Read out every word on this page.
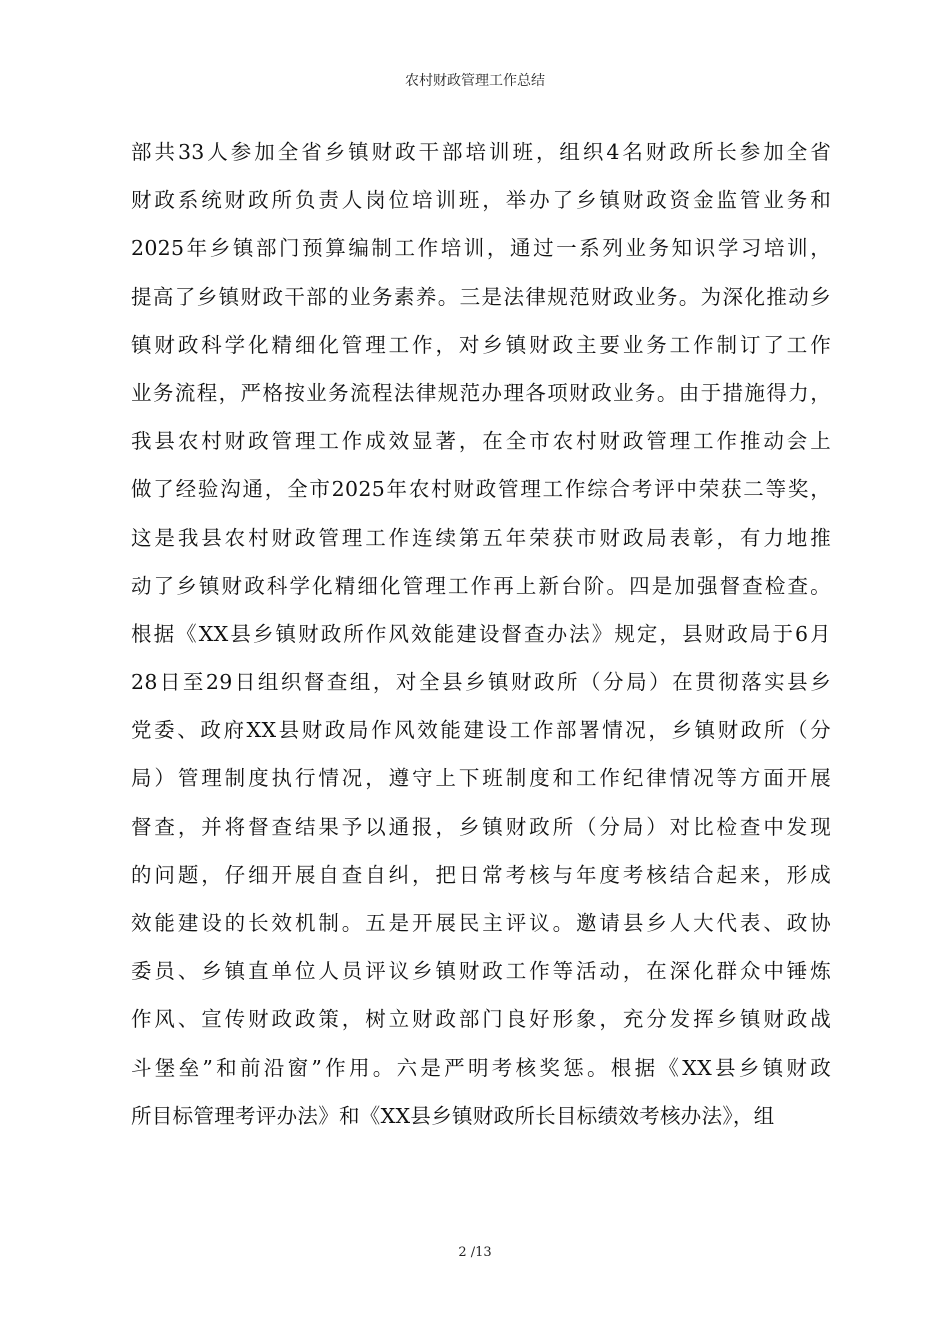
农村财政管理工作总结
部共33人参加全省乡镇财政干部培训班，组织4名财政所长参加全省
财政系统财政所负责人岗位培训班，举办了乡镇财政资金监管业务和
2025年乡镇部门预算编制工作培训，通过一系列业务知识学习培训，
提高了乡镇财政干部的业务素养。三是法律规范财政业务。为深化推动乡
镇财政科学化精细化管理工作，对乡镇财政主要业务工作制订了工作
业务流程，严格按业务流程法律规范办理各项财政业务。由于措施得力，
我县农村财政管理工作成效显著，在全市农村财政管理工作推动会上
做了经验沟通，全市2025年农村财政管理工作综合考评中荣获二等奖，
这是我县农村财政管理工作连续第五年荣获市财政局表彰，有力地推
动了乡镇财政科学化精细化管理工作再上新台阶。四是加强督查检查。
根据《XX县乡镇财政所作风效能建设督查办法》规定，县财政局于6月
28日至29日组织督查组，对全县乡镇财政所（分局）在贯彻落实县乡
党委、政府XX县财政局作风效能建设工作部署情况，乡镇财政所（分
局）管理制度执行情况，遵守上下班制度和工作纪律情况等方面开展
督查，并将督查结果予以通报，乡镇财政所（分局）对比检查中发现
的问题，仔细开展自查自纠，把日常考核与年度考核结合起来，形成
效能建设的长效机制。五是开展民主评议。邀请县乡人大代表、政协
委员、乡镇直单位人员评议乡镇财政工作等活动，在深化群众中锤炼
作风、宣传财政政策，树立财政部门良好形象，充分发挥乡镇财政战
斗堡垒”和前沿窗”作用。六是严明考核奖惩。根据《XX县乡镇财政
所目标管理考评办法》和《XX县乡镇财政所长目标绩效考核办法》，组
2 /13
